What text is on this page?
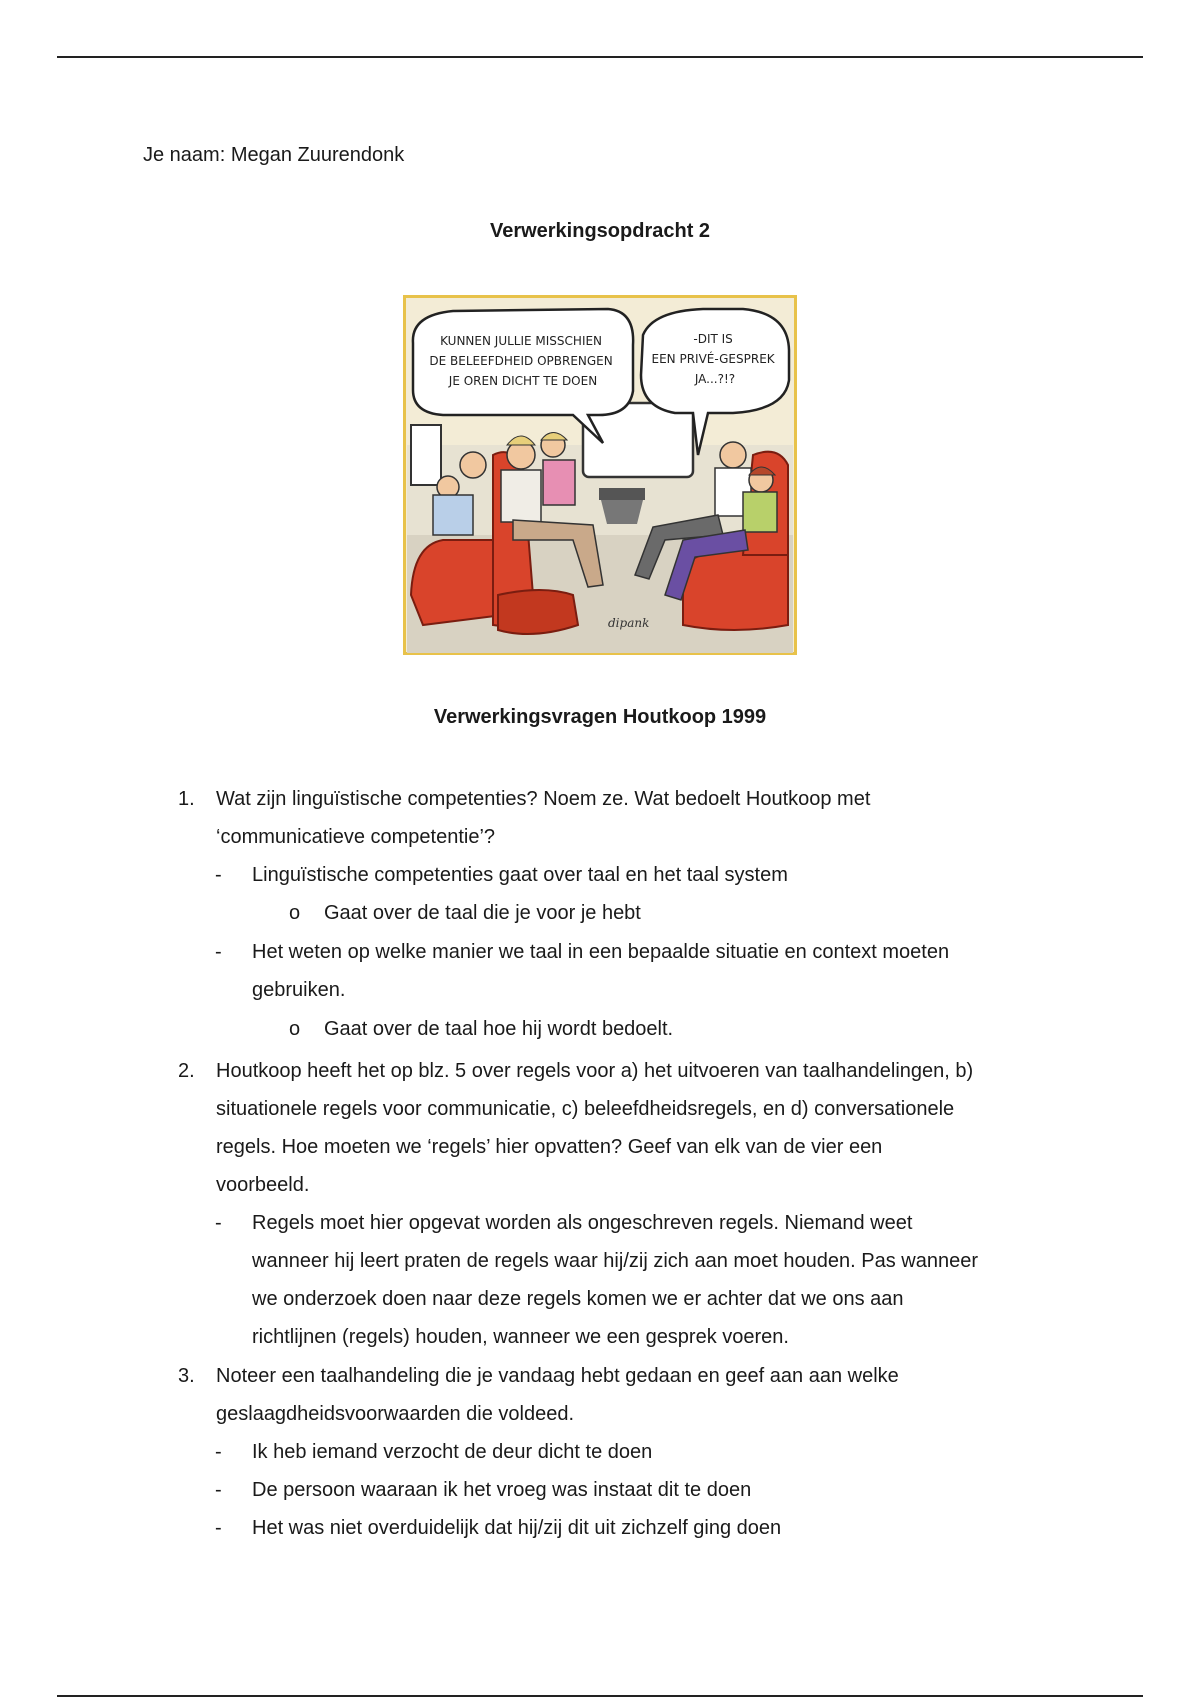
Je naam: Megan Zuurendonk
Verwerkingsopdracht 2
KUNNEN JULLIE MISSCHIEN DE BELEEFDHEID OPBRENGEN JE OREN DICHT TE DOEN
-DIT IS EEN PRIVÉ-GESPREK JA...?!?
dipank
Verwerkingsvragen Houtkoop 1999
1. Wat zijn linguïstische competenties? Noem ze. Wat bedoelt Houtkoop met
‘communicatieve competentie’?
- Linguïstische competenties gaat over taal en het taal system
o Gaat over de taal die je voor je hebt
- Het weten op welke manier we taal in een bepaalde situatie en context moeten
gebruiken.
o Gaat over de taal hoe hij wordt bedoelt.
2. Houtkoop heeft het op blz. 5 over regels voor a) het uitvoeren van taalhandelingen, b)
situationele regels voor communicatie, c) beleefdheidsregels, en d) conversationele
regels. Hoe moeten we ‘regels’ hier opvatten? Geef van elk van de vier een
voorbeeld.
- Regels moet hier opgevat worden als ongeschreven regels. Niemand weet
wanneer hij leert praten de regels waar hij/zij zich aan moet houden. Pas wanneer
we onderzoek doen naar deze regels komen we er achter dat we ons aan
richtlijnen (regels) houden, wanneer we een gesprek voeren.
3. Noteer een taalhandeling die je vandaag hebt gedaan en geef aan aan welke
geslaagdheidsvoorwaarden die voldeed.
- Ik heb iemand verzocht de deur dicht te doen
- De persoon waaraan ik het vroeg was instaat dit te doen
- Het was niet overduidelijk dat hij/zij dit uit zichzelf ging doen
